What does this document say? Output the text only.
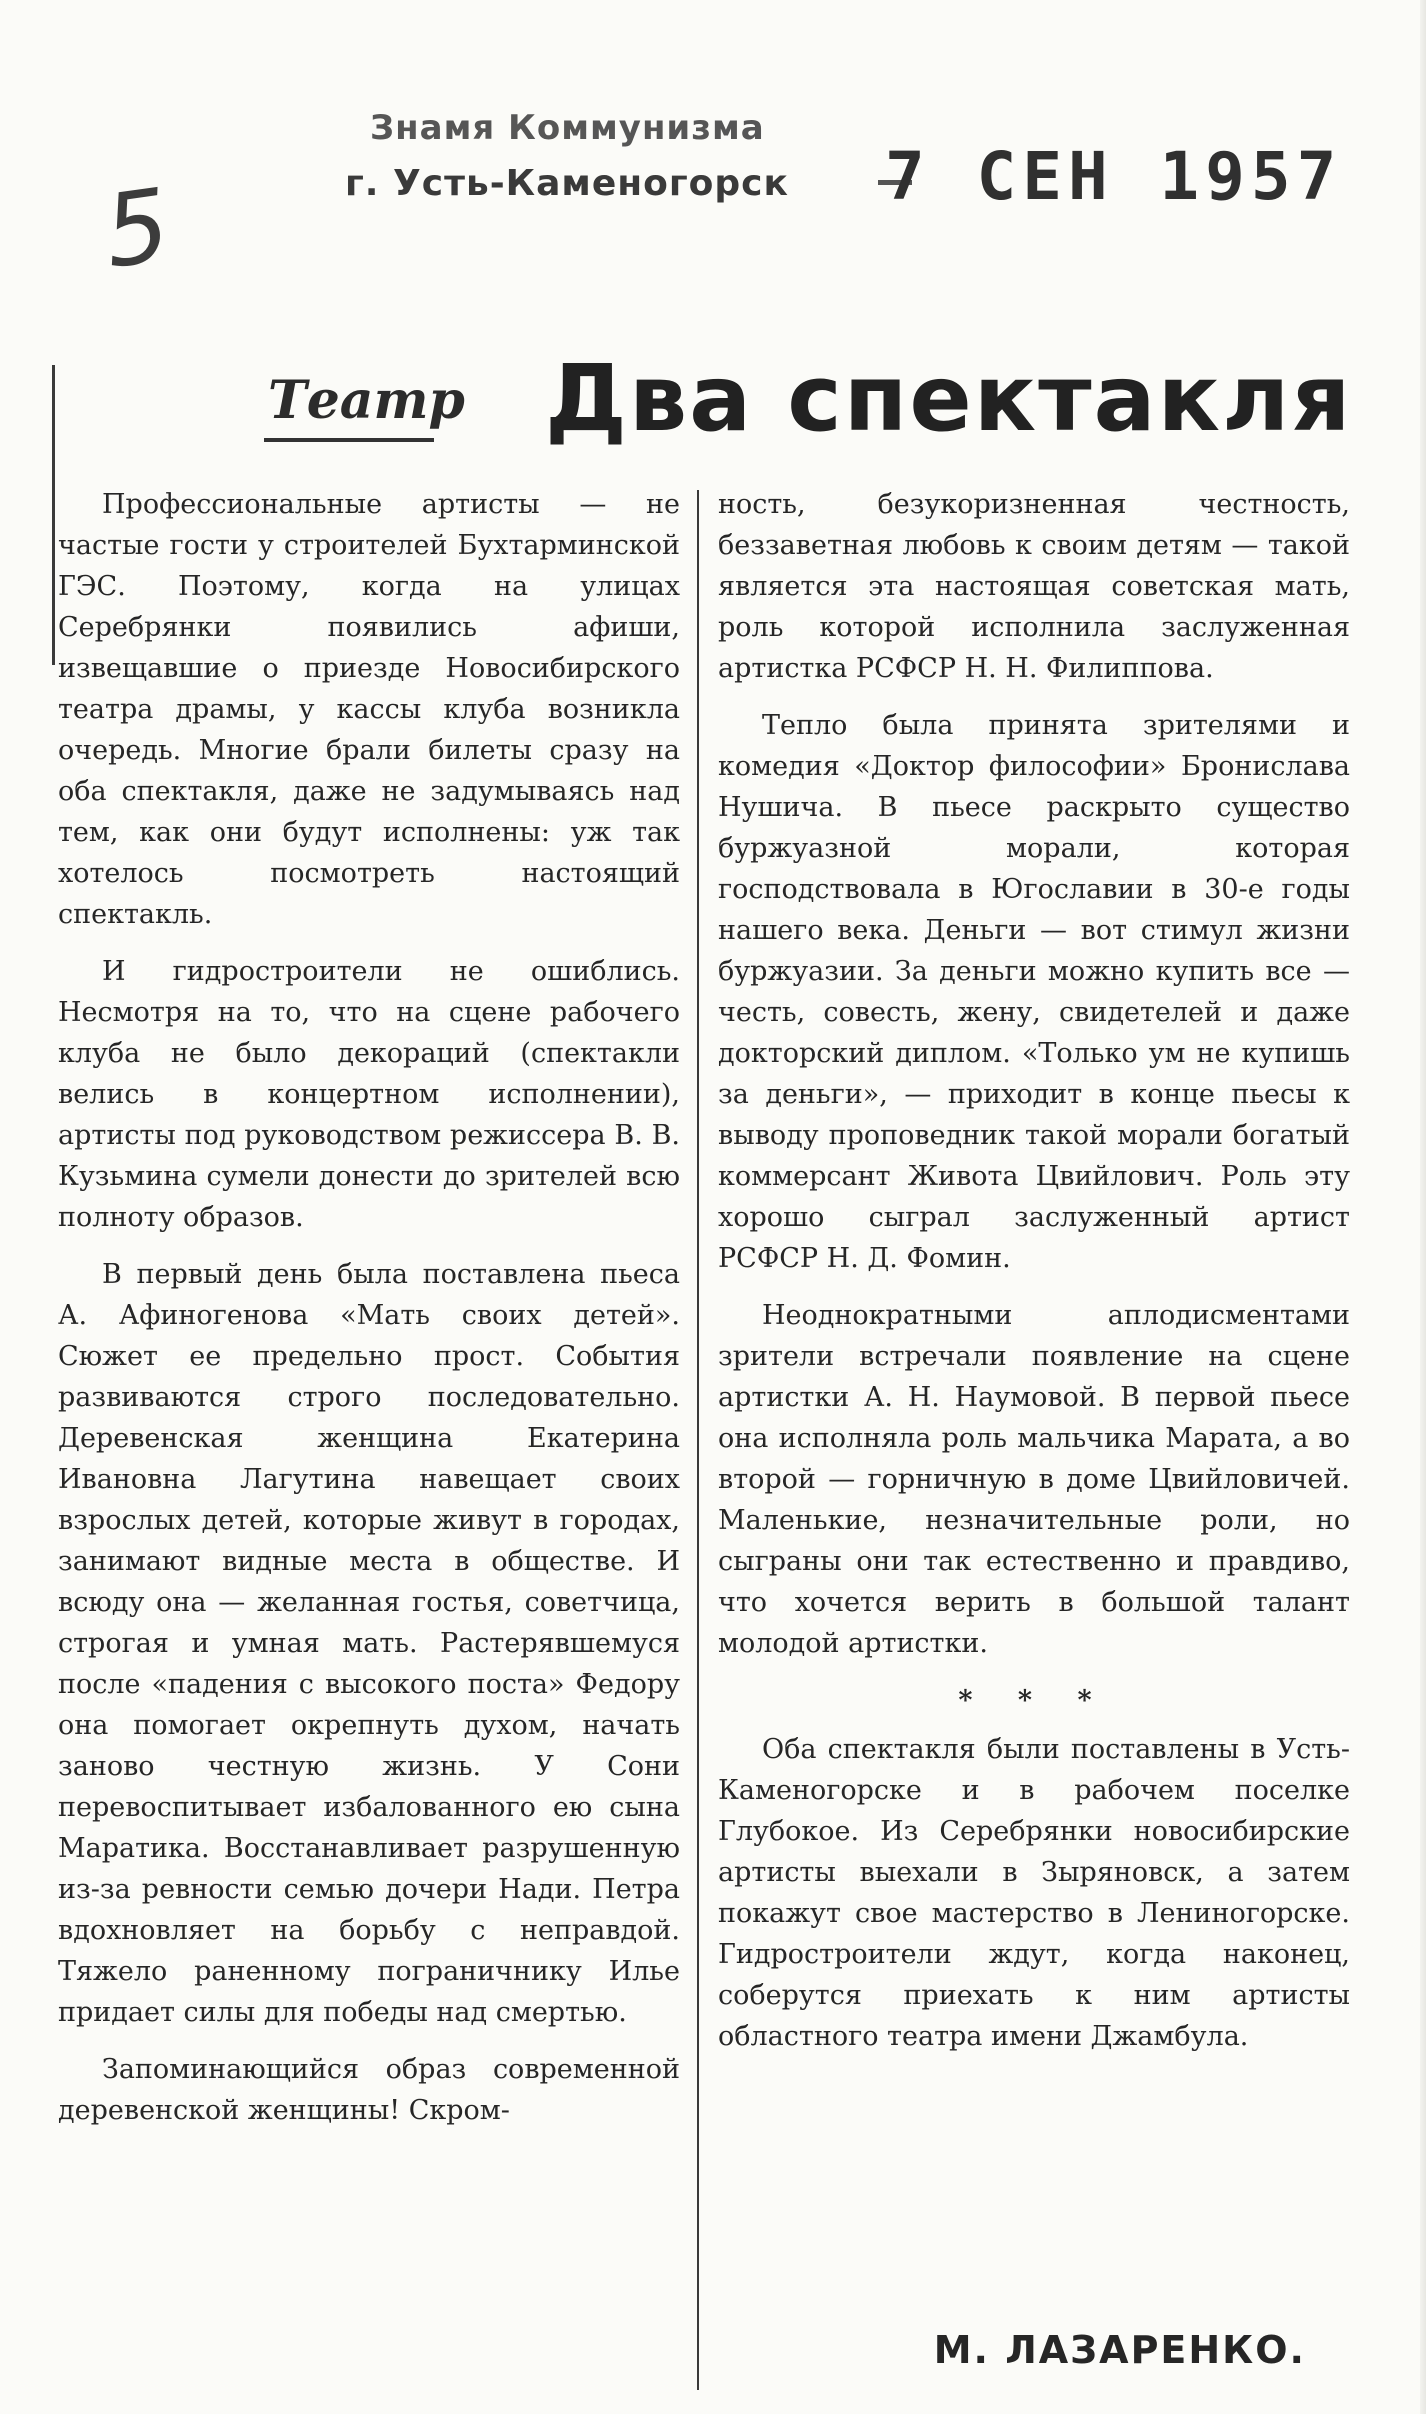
5
Знамя Коммунизма
г. Усть-Каменогорск 7 СЕН 1957
Театр Два спектакля

Профессиональные артисты — не частые гости у строителей Бухтарминской ГЭС. Поэтому, когда на улицах Серебрянки появились афиши, извещавшие о приезде Новосибирского театра драмы, у кассы клуба возникла очередь. Многие брали билеты сразу на оба спектакля, даже не задумываясь над тем, как они будут исполнены: уж так хотелось посмотреть настоящий спектакль.

И гидростроители не ошиблись. Несмотря на то, что на сцене рабочего клуба не было декораций (спектакли велись в концертном исполнении), артисты под руководством режиссера В. В. Кузьмина сумели донести до зрителей всю полноту образов.

В первый день была поставлена пьеса А. Афиногенова «Мать своих детей». Сюжет ее предельно прост. События развиваются строго последовательно. Деревенская женщина Екатерина Ивановна Лагутина навещает своих взрослых детей, которые живут в городах, занимают видные места в обществе. И всюду она — желанная гостья, советчица, строгая и умная мать. Растерявшемуся после «падения с высокого поста» Федору она помогает окрепнуть духом, начать заново честную жизнь. У Сони перевоспитывает избалованного ею сына Маратика. Восстанавливает разрушенную из-за ревности семью дочери Нади. Петра вдохновляет на борьбу с неправдой. Тяжело раненному пограничнику Илье придает силы для победы над смертью.

Запоминающийся образ современной деревенской женщины! Скром-

ность, безукоризненная честность, беззаветная любовь к своим детям — такой является эта настоящая советская мать, роль которой исполнила заслуженная артистка РСФСР Н. Н. Филиппова.

Тепло была принята зрителями и комедия «Доктор философии» Бронислава Нушича. В пьесе раскрыто существо буржуазной морали, которая господствовала в Югославии в 30-е годы нашего века. Деньги — вот стимул жизни буржуазии. За деньги можно купить все — честь, совесть, жену, свидетелей и даже докторский диплом. «Только ум не купишь за деньги», — приходит в конце пьесы к выводу проповедник такой морали богатый коммерсант Живота Цвийлович. Роль эту хорошо сыграл заслуженный артист РСФСР Н. Д. Фомин.

Неоднократными аплодисментами зрители встречали появление на сцене артистки А. Н. Наумовой. В первой пьесе она исполняла роль мальчика Марата, а во второй — горничную в доме Цвийловичей. Маленькие, незначительные роли, но сыграны они так естественно и правдиво, что хочется верить в большой талант молодой артистки.

* * *

Оба спектакля были поставлены в Усть-Каменогорске и в рабочем поселке Глубокое. Из Серебрянки новосибирские артисты выехали в Зыряновск, а затем покажут свое мастерство в Лениногорске. Гидростроители ждут, когда наконец, соберутся приехать к ним артисты областного театра имени Джамбула.

М. ЛАЗАРЕНКО.
